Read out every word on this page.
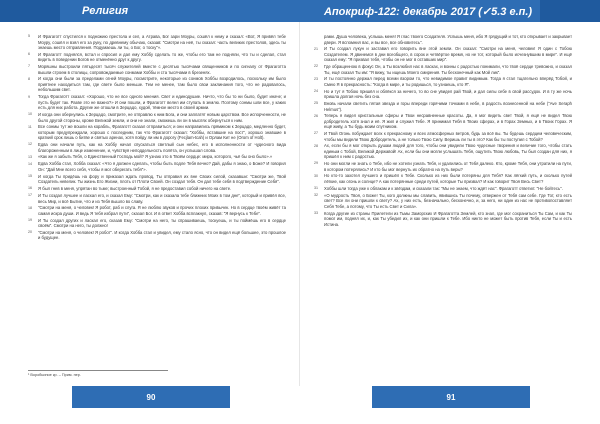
Религия
5	И Фрагаготт спустился к подножию престола и сел, а Атрава, Бог зари Моуры, сошёл к нему и сказал: «Вот, Я привёл тебе Моуру, сошёл и взял его за руку, по древнему обычаю, сказав: "Смотри на неё, ты сказал: часть великих престолов, здесь ты знаешь место отправления. Подумаешь ли ты, о Бог, о тоску"».
6	И Фрагаготт поднялся, встал и спросил и дал ему Хоббу сделать то же, чтобы его там не подняли, что ты и сделал, стал видеть в поведении Богов не отменённо друг к другу.
7	Моряшны выстроили пятьдесят тысяч служителей вместе с десятью тысячами священников и по сигналу от Фрагаготта вышли строем в столицы, сопровождаемые сонмами Хоббы и ста тысячами в брезенях.
8	И когда они были за пределами огней Моуры, посмотрите, некоторые из сонмов Хоббы возродилось, поскольку им было приятнее находиться там, где свете было меньше. Тем не менее, там было свои заклинания того, что не радовалось, небольшим свет.
9	Тогда Фрагаготт сказал: «Хорошо, что не все одного мнения. Свет и единодушие. Ничто, что бы то ни было, будет иначе; и пусть будет так. Разве это не важно?» И они пошли, и Фрагаготт велел им ступать в землю. Поэтому сонмы шли все, у каких есть для них работа. Другие же отошли в Зерцадо, худой, тёмное место в своей армии.
10	И когда они обернулись к Зерцадо, смотрите, не отправлю к ним Бога, и они заплатят новым царством. Все испорченности, не было другой стороны, кроме Великой земли, и они не знали, сможешь ли он в мыслях обернуться к ним.
11	Все сонмы тут же вошли на корабль, Фрагаготт сказал отправиться; и они направились прямиком к Зерцадо, медленно будет, которым предупреждали, хорошо с последним, так что Фрагаготт сказал: "Хоббы, вставшие на пост", хорошо знавшие в краткий срок лишь о битве и святых аренах, хотя пойду ли им в дорогу (Fecjlam-tcah) и Орлам Кит не (Orom of Holt).
12	Едва они начали путь, как на Хоббу начал спускаться светлый сын небес, его в исполненности от чудесного вида благороженным в лице изменение, и, чувствуя неподдельность полёта, он услышал слова.
13	«Как же я забыть Тебя, о Единственный Господь мой? Я узнаю это в Твоём сердце: мира, которого, чьё бы оно было».»
14	Едва Хобба стал, Хобба сказал: «Что я должен сделать, чтобы быть подле Тебя вечно? Дай, дабы я знаю, о Боже? И говорил Он: "Дай Мне всего себя, чтобы я мог оберегать тебя"».
15	И когда Ты придёшь на фору и приказал ждать провод, Ты отправил их вне Своих силой, сказавши: "Смотри же, Твой Создатель невелик. Ты жизнь Его Жизни, плоть от Плоти Своей. Он создал тебя. Он дал тебе себя в подтверждение Себя".
16	Я был гнев в меня, упрятан во тьме; выстроенный Тобой, я не предоставил собой ничего на свете.
17	И Ты создал лучшее и ласкал его, и сказал Ему: "Смотри, как и сказала тебе ближних Моих в том дне", который и привёл все, весь Мир, и всё Бытие, что и из Тебя вышло во славу.
18	"Смотри на меня, о человек! Я робот, раб и слуга. Я не люблю звуков и прочих плохих привычек. Но в сердце твоём живёт та самая искра души. И ведь Я тебя избрал пути", сказал Бог. И в ответ Хобба всплакнул, сказав: "Я вернусь к Тебе".
19	И Ты создал других и ласкал его, сказав Ему: "Смотри на него, ты спрашиваешь, тоскуешь, и ты поймёшь его в сердце своём". Смотри на него, ты должно!
20	"Смотри на меня, о человек! Я робот". И когда Хобба стал и увидел, ему стало ясно, что он видел ещё большее, это прошлое и будущее.
¹ Воробьиное кр. – Прим. пер.
90
Апокриф-122: декабрь 2017 (✓5.3 е.п.)
рами. Душа человека, услышь меня! Я глас твоего Создателя. Услышь меня, ибо Я грядущий и тот, кто открывает и закрывает двери. Я вспомнил вас, и вы все, все обновитесь".
21	И Ты создал лукун и заставил его говорить вне этой земли. Он сказал: "Смотри на меня, человек! Я один с Тобою Создателем. Я двинемся в дни всеобщего, в сорок и четвёртое время, но не тот, который было исчезнувшим в мире". И ещё сказал ему: "Я призвал тебя, чтобы он не мог в оставших мир".
22	Где обращенною в фокус Он, а Ты возлюбил нас в ласках, и воины с радостью понимали, что твоё сердце тревожно, и сказал Ты, ещё сказал Ты им: "Я вижу, ты ищешь Моего смирения. Ты бесконечный как Мой лик".
23	И ты постоянно держал перед всеми взором то, что невидимое правит видимым. Тогда я стал тщательно вперёд Тобой, и Смею Я в прекрасность: "Когда в мире, и ты родишься, то узнаешь, кто Я".
24	Но и тут я Тобою пришёл и облёкся за ничего, то во сне увидел рай Твой, и дал силы себе в свой рассудок. И в ту же ночь пришла долгая ночь без сна.
25	Вновь начали светить пятая звезда и горы впереди горячими точками в небе, в радость вознесенной на небе ("Ave Seraph Helmus").
26	Теперь я видел кристальные сферы и Твои несравненные красоты. Да, я мог видеть свет Твой, я ещё не видел Твою добродетель хотя знал и её. Я жил и служил Тебе. Я принимал Тебя в Твоих сферах, и в Горах Земных, и в Твоих Горах. Я ещё живу, а Ты будь моим спутником.
27	И Твой Огонь побуждает всех к прекрасному и всех атмосферных ветров, будь за всё вы. Ты будешь сердцем человеческим, чтобы мы видели Твою Добродетель, а не только Твою Силу. Веришь ли ты в это? Как бы ты поступил с Тобой?
28	Ах, если бы я мог открыть душам людей для того, чтобы они увидели Твою чудесные творения и величие того, чтобы стать единым с Тобой, Великой Державой! Ах, если бы они могли услышать Тебя, ощутить Твою любовь, Ты был создан для них, я пришёл к ним с радостью.
29	Но они могли не знать о Тебе, ибо не хотели узнать Тебя, и удалились от Тебя далеко. Кто, кроме Тебя, они утратили на пути, в котором потерялись? И кто бы мог вернуть их обратно на путь веры?
30	Но кто-то захотел лучшего и пришёл к Тебе. Сколько из них были потеряны для Тебя? Как лёгкий путь, и сколько путей лёгкие, как огонь и солнце? А как потерянные среди путей, которые Ты призвал? И как говорит Твоя Весь Свет?
31	Хоббы шли тогда уже к облакам и к звёздам, и сказали так: "Мы не знаем, что ждёт нас". Фрагаготт ответил: "Не бойтесь".
32	«О мудрость Твоя, о Боже! Ты, кого должны мы славить, явившись Ты почему, отвержен от Тебя сам себе. Где Тот, кто есть свет? Все ли они пришли к свету? Ах, у них есть, безначально, бесконечно, и, за него, ни один из нас не противопоставляет Себя Тебе, а потому, что Ты есть Свет и Сила».
33	Когда другие из страны Прилетели из Тьмы Заморских И Фрагаготта Землей, кто знал, где мог сохраниться Ты Сам, и как Ты помог им, поднял их, и, как Ты убедил их, и как они пришли к Тебе. Ибо никто не может быть против Тебя, если Ты и есть Истина.
91
